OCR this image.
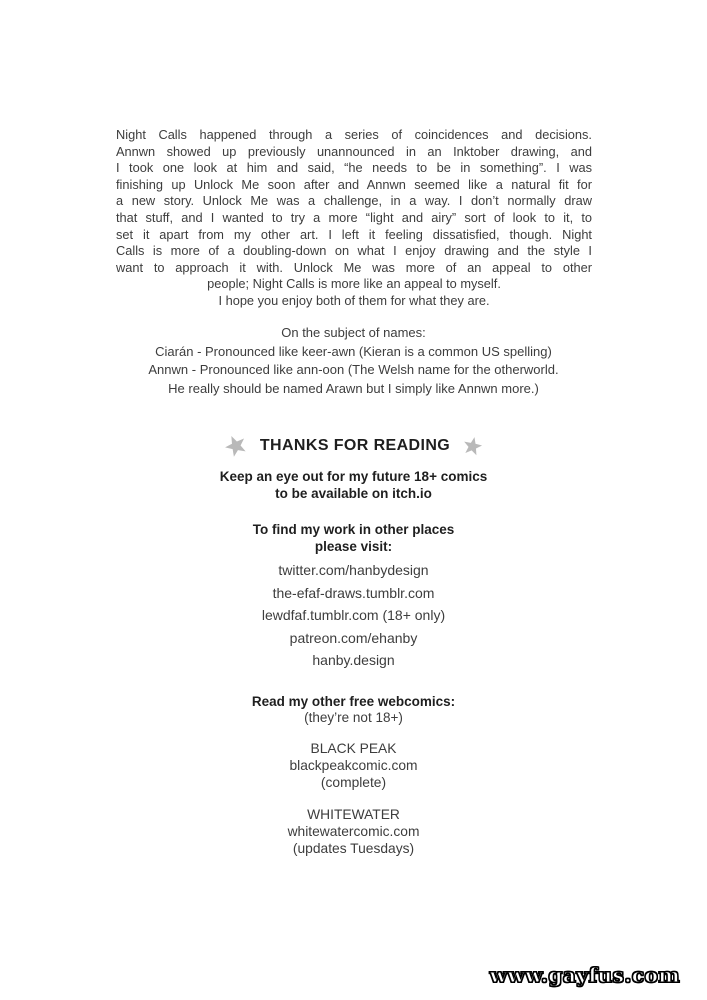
Night Calls happened through a series of coincidences and decisions.
Annwn showed up previously unannounced in an Inktober drawing, and
I took one look at him and said, “he needs to be in something”. I was
finishing up Unlock Me soon after and Annwn seemed like a natural fit for
a new story. Unlock Me was a challenge, in a way. I don’t normally draw
that stuff, and I wanted to try a more “light and airy” sort of look to it, to
set it apart from my other art. I left it feeling dissatisfied, though. Night
Calls is more of a doubling-down on what I enjoy drawing and the style I
want to approach it with. Unlock Me was more of an appeal to other
people; Night Calls is more like an appeal to myself.
I hope you enjoy both of them for what they are.
On the subject of names:
Ciarán - Pronounced like keer-awn (Kieran is a common US spelling)
Annwn - Pronounced like ann-oon (The Welsh name for the otherworld.
He really should be named Arawn but I simply like Annwn more.)
THANKS FOR READING
Keep an eye out for my future 18+ comics
to be available on itch.io
To find my work in other places
please visit:
twitter.com/hanbydesign
the-efaf-draws.tumblr.com
lewdfaf.tumblr.com (18+ only)
patreon.com/ehanby
hanby.design
Read my other free webcomics:
(they’re not 18+)
BLACK PEAK
blackpeakcomic.com
(complete)
WHITEWATER
whitewatercomic.com
(updates Tuesdays)
www.gayfus.com
